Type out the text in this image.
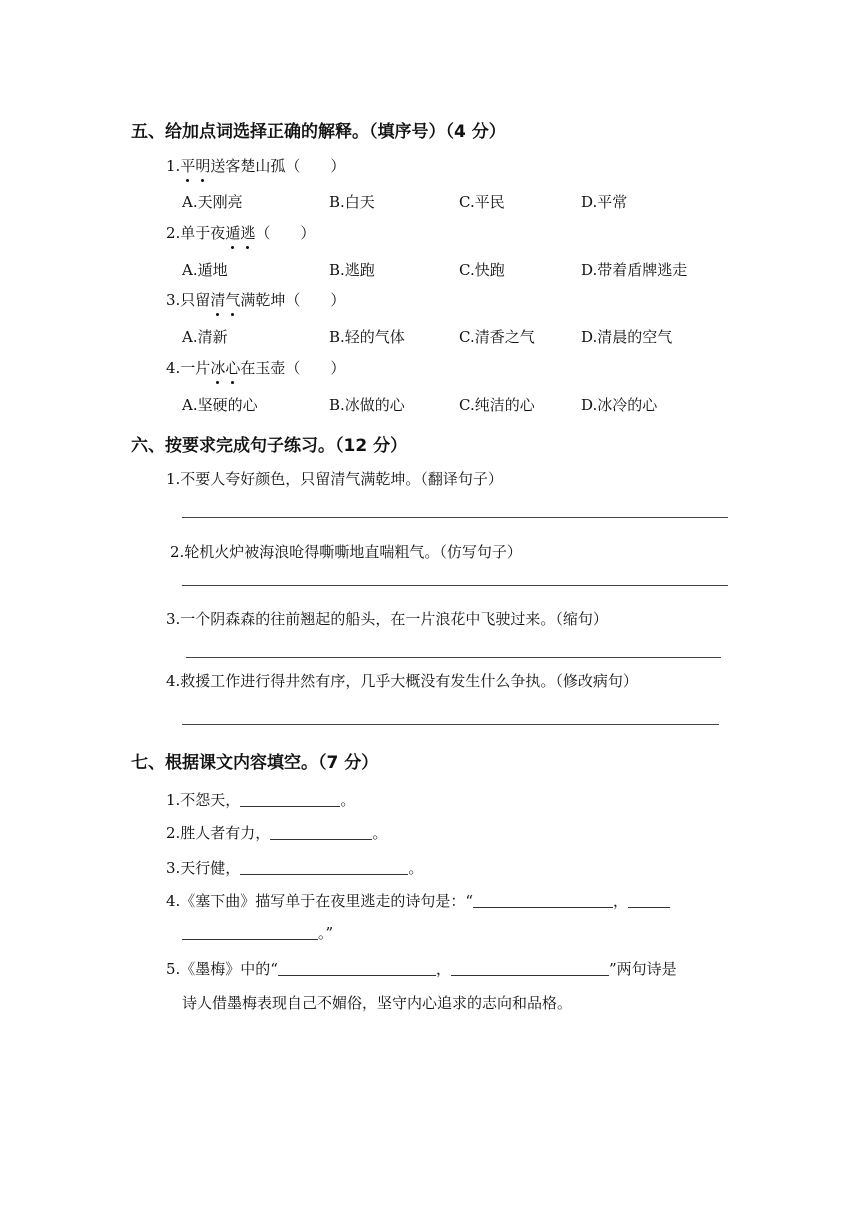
五、给加点词选择正确的解释。（填序号）（4 分）
1.平明送客楚山孤（　　）
A.天刚亮	B.白天	C.平民	D.平常
2.单于夜遁逃（　　）
A.遁地	B.逃跑	C.快跑	D.带着盾牌逃走
3.只留清气满乾坤（　　）
A.清新	B.轻的气体	C.清香之气	D.清晨的空气
4.一片冰心在玉壶（　　）
A.坚硬的心	B.冰做的心	C.纯洁的心	D.冰冷的心
六、按要求完成句子练习。（12 分）
1.不要人夸好颜色，只留清气满乾坤。（翻译句子）
2.轮机火炉被海浪呛得嘶嘶地直喘粗气。（仿写句子）
3.一个阴森森的往前翘起的船头，在一片浪花中飞驶过来。（缩句）
4.救援工作进行得井然有序，几乎大概没有发生什么争执。（修改病句）
七、根据课文内容填空。（7 分）
1.不怨天，	。
2.胜人者有力，	。
3.天行健，	。
4.《塞下曲》描写单于在夜里逃走的诗句是：“	，
。”
5.《墨梅》中的“	，	”两句诗是
诗人借墨梅表现自己不媚俗，坚守内心追求的志向和品格。
